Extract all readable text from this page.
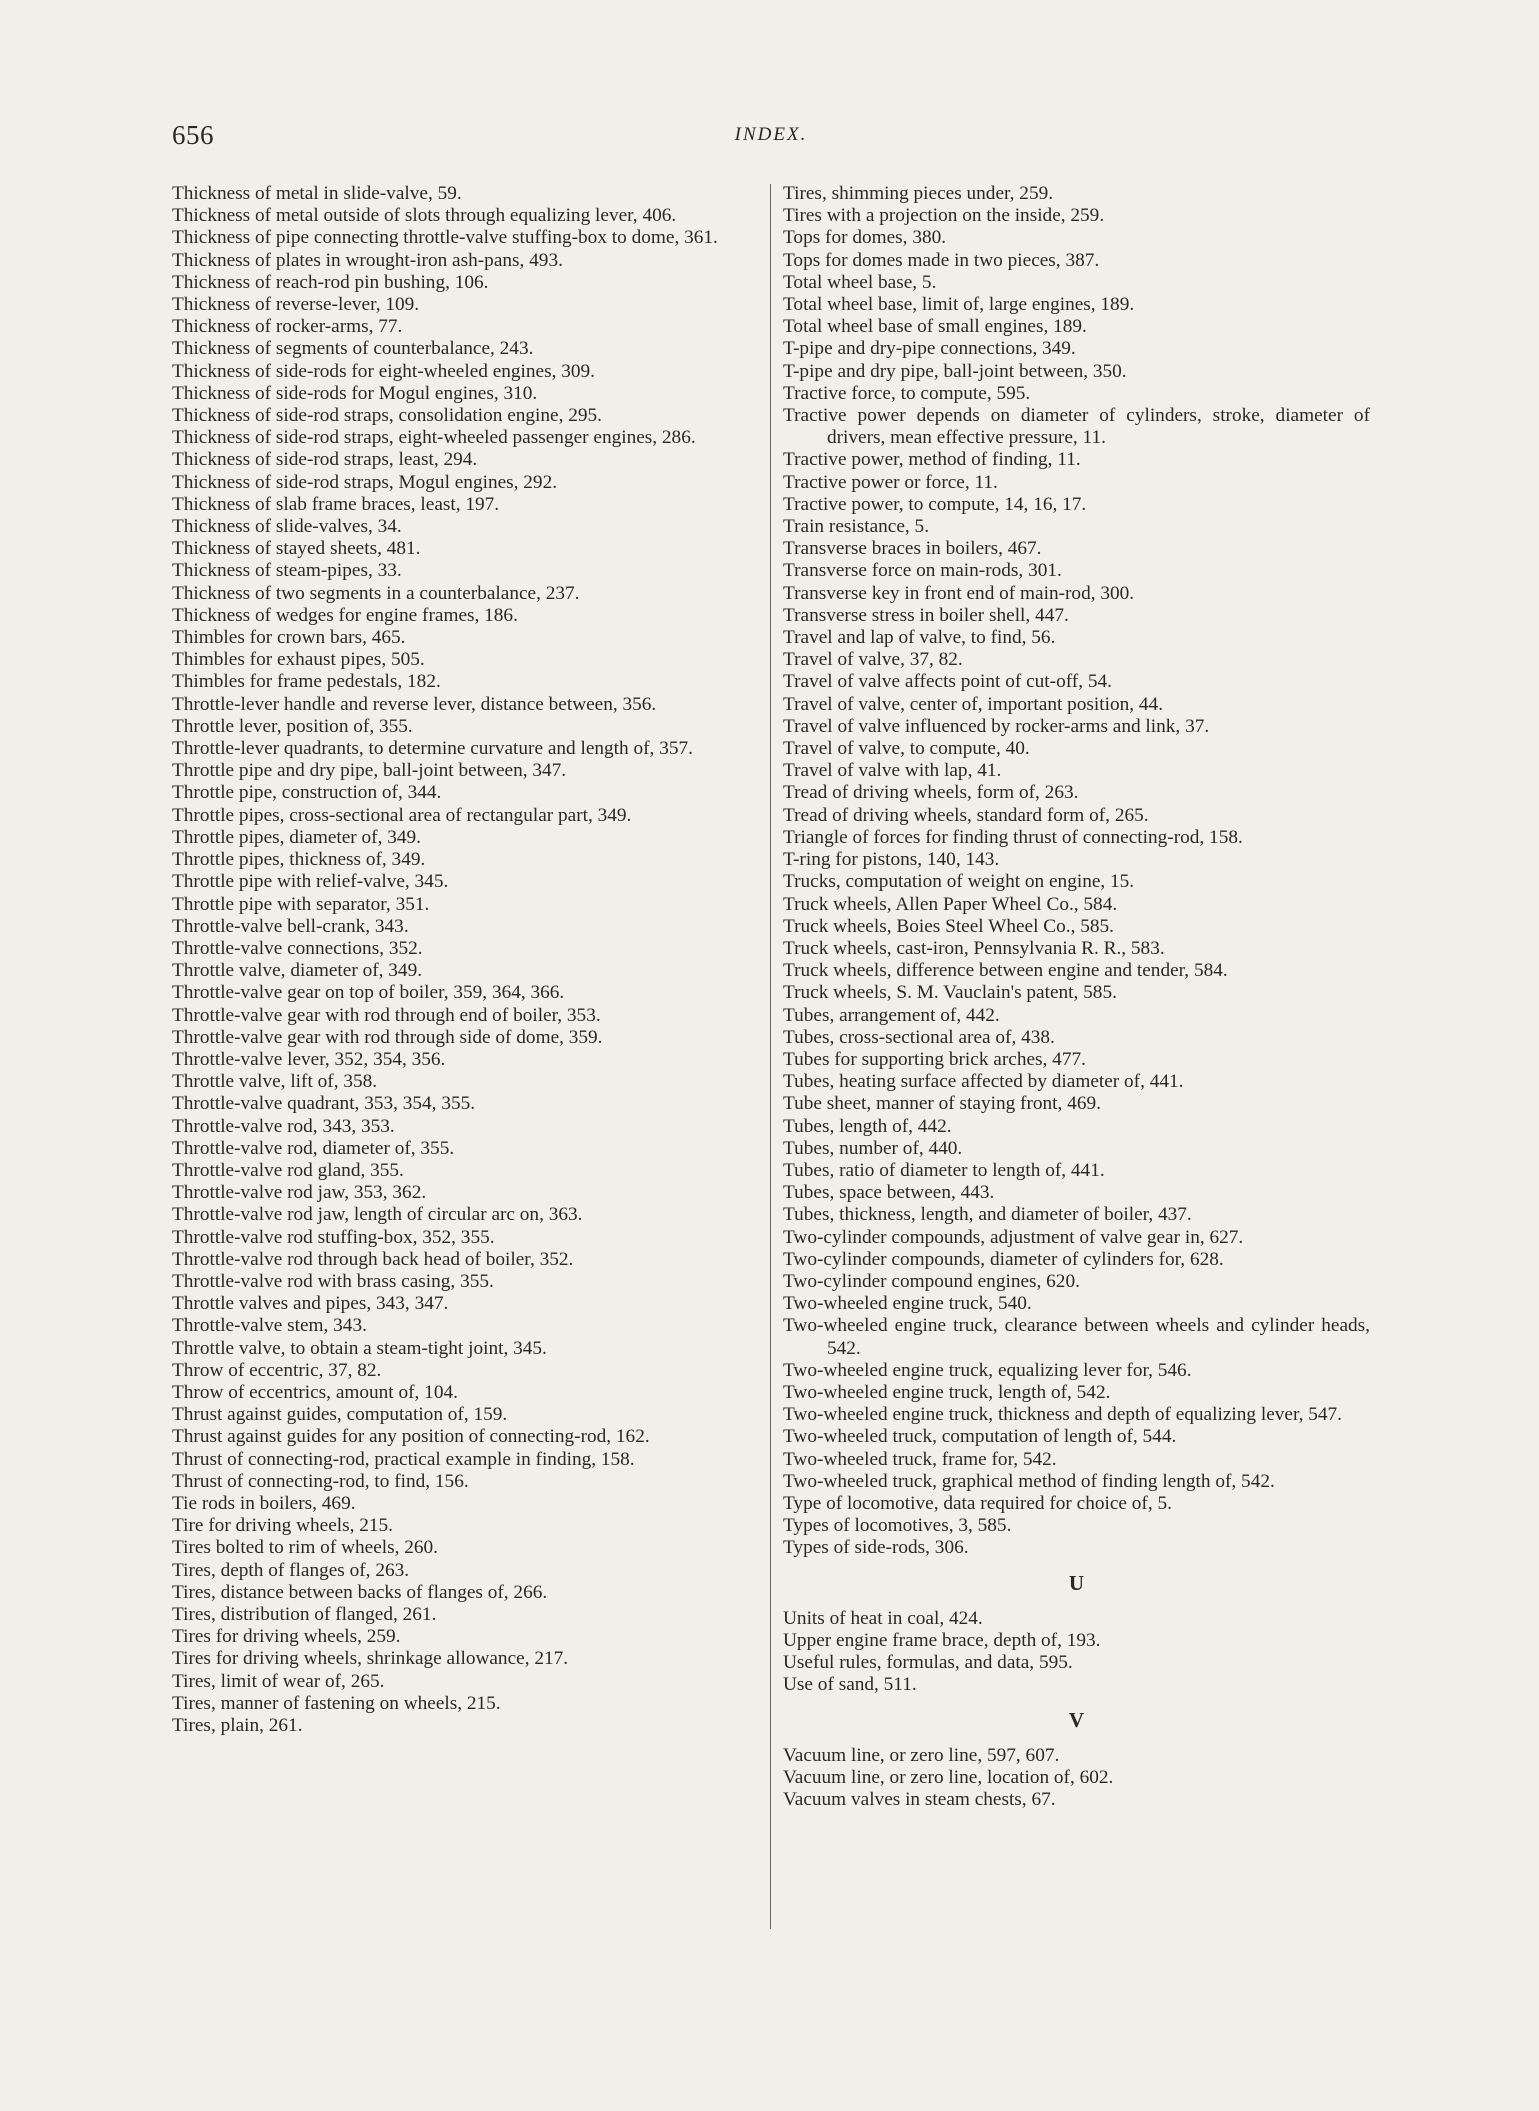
656	INDEX.
Thickness of metal in slide-valve, 59.
Thickness of metal outside of slots through equalizing lever, 406.
Thickness of pipe connecting throttle-valve stuffing-box to dome, 361.
Thickness of plates in wrought-iron ash-pans, 493.
Thickness of reach-rod pin bushing, 106.
Thickness of reverse-lever, 109.
Thickness of rocker-arms, 77.
Thickness of segments of counterbalance, 243.
Thickness of side-rods for eight-wheeled engines, 309.
Thickness of side-rods for Mogul engines, 310.
Thickness of side-rod straps, consolidation engine, 295.
Thickness of side-rod straps, eight-wheeled passenger engines, 286.
Thickness of side-rod straps, least, 294.
Thickness of side-rod straps, Mogul engines, 292.
Thickness of slab frame braces, least, 197.
Thickness of slide-valves, 34.
Thickness of stayed sheets, 481.
Thickness of steam-pipes, 33.
Thickness of two segments in a counterbalance, 237.
Thickness of wedges for engine frames, 186.
Thimbles for crown bars, 465.
Thimbles for exhaust pipes, 505.
Thimbles for frame pedestals, 182.
Throttle-lever handle and reverse lever, distance between, 356.
Throttle lever, position of, 355.
Throttle-lever quadrants, to determine curvature and length of, 357.
Throttle pipe and dry pipe, ball-joint between, 347.
Throttle pipe, construction of, 344.
Throttle pipes, cross-sectional area of rectangular part, 349.
Throttle pipes, diameter of, 349.
Throttle pipes, thickness of, 349.
Throttle pipe with relief-valve, 345.
Throttle pipe with separator, 351.
Throttle-valve bell-crank, 343.
Throttle-valve connections, 352.
Throttle valve, diameter of, 349.
Throttle-valve gear on top of boiler, 359, 364, 366.
Throttle-valve gear with rod through end of boiler, 353.
Throttle-valve gear with rod through side of dome, 359.
Throttle-valve lever, 352, 354, 356.
Throttle valve, lift of, 358.
Throttle-valve quadrant, 353, 354, 355.
Throttle-valve rod, 343, 353.
Throttle-valve rod, diameter of, 355.
Throttle-valve rod gland, 355.
Throttle-valve rod jaw, 353, 362.
Throttle-valve rod jaw, length of circular arc on, 363.
Throttle-valve rod stuffing-box, 352, 355.
Throttle-valve rod through back head of boiler, 352.
Throttle-valve rod with brass casing, 355.
Throttle valves and pipes, 343, 347.
Throttle-valve stem, 343.
Throttle valve, to obtain a steam-tight joint, 345.
Throw of eccentric, 37, 82.
Throw of eccentrics, amount of, 104.
Thrust against guides, computation of, 159.
Thrust against guides for any position of connecting-rod, 162.
Thrust of connecting-rod, practical example in finding, 158.
Thrust of connecting-rod, to find, 156.
Tie rods in boilers, 469.
Tire for driving wheels, 215.
Tires bolted to rim of wheels, 260.
Tires, depth of flanges of, 263.
Tires, distance between backs of flanges of, 266.
Tires, distribution of flanged, 261.
Tires for driving wheels, 259.
Tires for driving wheels, shrinkage allowance, 217.
Tires, limit of wear of, 265.
Tires, manner of fastening on wheels, 215.
Tires, plain, 261.
Tires, shimming pieces under, 259.
Tires with a projection on the inside, 259.
Tops for domes, 380.
Tops for domes made in two pieces, 387.
Total wheel base, 5.
Total wheel base, limit of, large engines, 189.
Total wheel base of small engines, 189.
T-pipe and dry-pipe connections, 349.
T-pipe and dry pipe, ball-joint between, 350.
Tractive force, to compute, 595.
Tractive power depends on diameter of cylinders, stroke, diameter of drivers, mean effective pressure, 11.
Tractive power, method of finding, 11.
Tractive power or force, 11.
Tractive power, to compute, 14, 16, 17.
Train resistance, 5.
Transverse braces in boilers, 467.
Transverse force on main-rods, 301.
Transverse key in front end of main-rod, 300.
Transverse stress in boiler shell, 447.
Travel and lap of valve, to find, 56.
Travel of valve, 37, 82.
Travel of valve affects point of cut-off, 54.
Travel of valve, center of, important position, 44.
Travel of valve influenced by rocker-arms and link, 37.
Travel of valve, to compute, 40.
Travel of valve with lap, 41.
Tread of driving wheels, form of, 263.
Tread of driving wheels, standard form of, 265.
Triangle of forces for finding thrust of connecting-rod, 158.
T-ring for pistons, 140, 143.
Trucks, computation of weight on engine, 15.
Truck wheels, Allen Paper Wheel Co., 584.
Truck wheels, Boies Steel Wheel Co., 585.
Truck wheels, cast-iron, Pennsylvania R. R., 583.
Truck wheels, difference between engine and tender, 584.
Truck wheels, S. M. Vauclain's patent, 585.
Tubes, arrangement of, 442.
Tubes, cross-sectional area of, 438.
Tubes for supporting brick arches, 477.
Tubes, heating surface affected by diameter of, 441.
Tube sheet, manner of staying front, 469.
Tubes, length of, 442.
Tubes, number of, 440.
Tubes, ratio of diameter to length of, 441.
Tubes, space between, 443.
Tubes, thickness, length, and diameter of boiler, 437.
Two-cylinder compounds, adjustment of valve gear in, 627.
Two-cylinder compounds, diameter of cylinders for, 628.
Two-cylinder compound engines, 620.
Two-wheeled engine truck, 540.
Two-wheeled engine truck, clearance between wheels and cylinder heads, 542.
Two-wheeled engine truck, equalizing lever for, 546.
Two-wheeled engine truck, length of, 542.
Two-wheeled engine truck, thickness and depth of equalizing lever, 547.
Two-wheeled truck, computation of length of, 544.
Two-wheeled truck, frame for, 542.
Two-wheeled truck, graphical method of finding length of, 542.
Type of locomotive, data required for choice of, 5.
Types of locomotives, 3, 585.
Types of side-rods, 306.
U
Units of heat in coal, 424.
Upper engine frame brace, depth of, 193.
Useful rules, formulas, and data, 595.
Use of sand, 511.
V
Vacuum line, or zero line, 597, 607.
Vacuum line, or zero line, location of, 602.
Vacuum valves in steam chests, 67.
